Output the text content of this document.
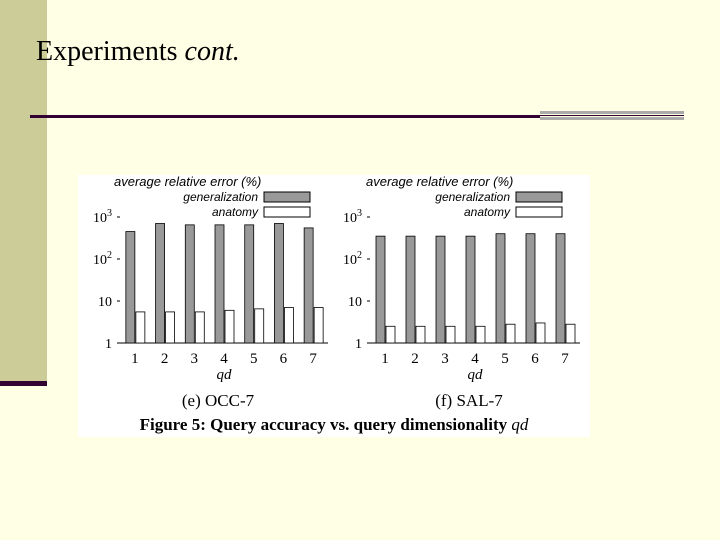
Experiments cont.
average relative error (%)
generalization
anatomy
1
10
$10^2$
$10^3$
1 2 3 4 5 6 7
qd
(e) OCC-7
average relative error (%)
generalization
anatomy
1
10
$10^2$
$10^3$
1 2 3 4 5 6 7
qd
(f) SAL-7
Figure 5: Query accuracy vs. query dimensionality qd
